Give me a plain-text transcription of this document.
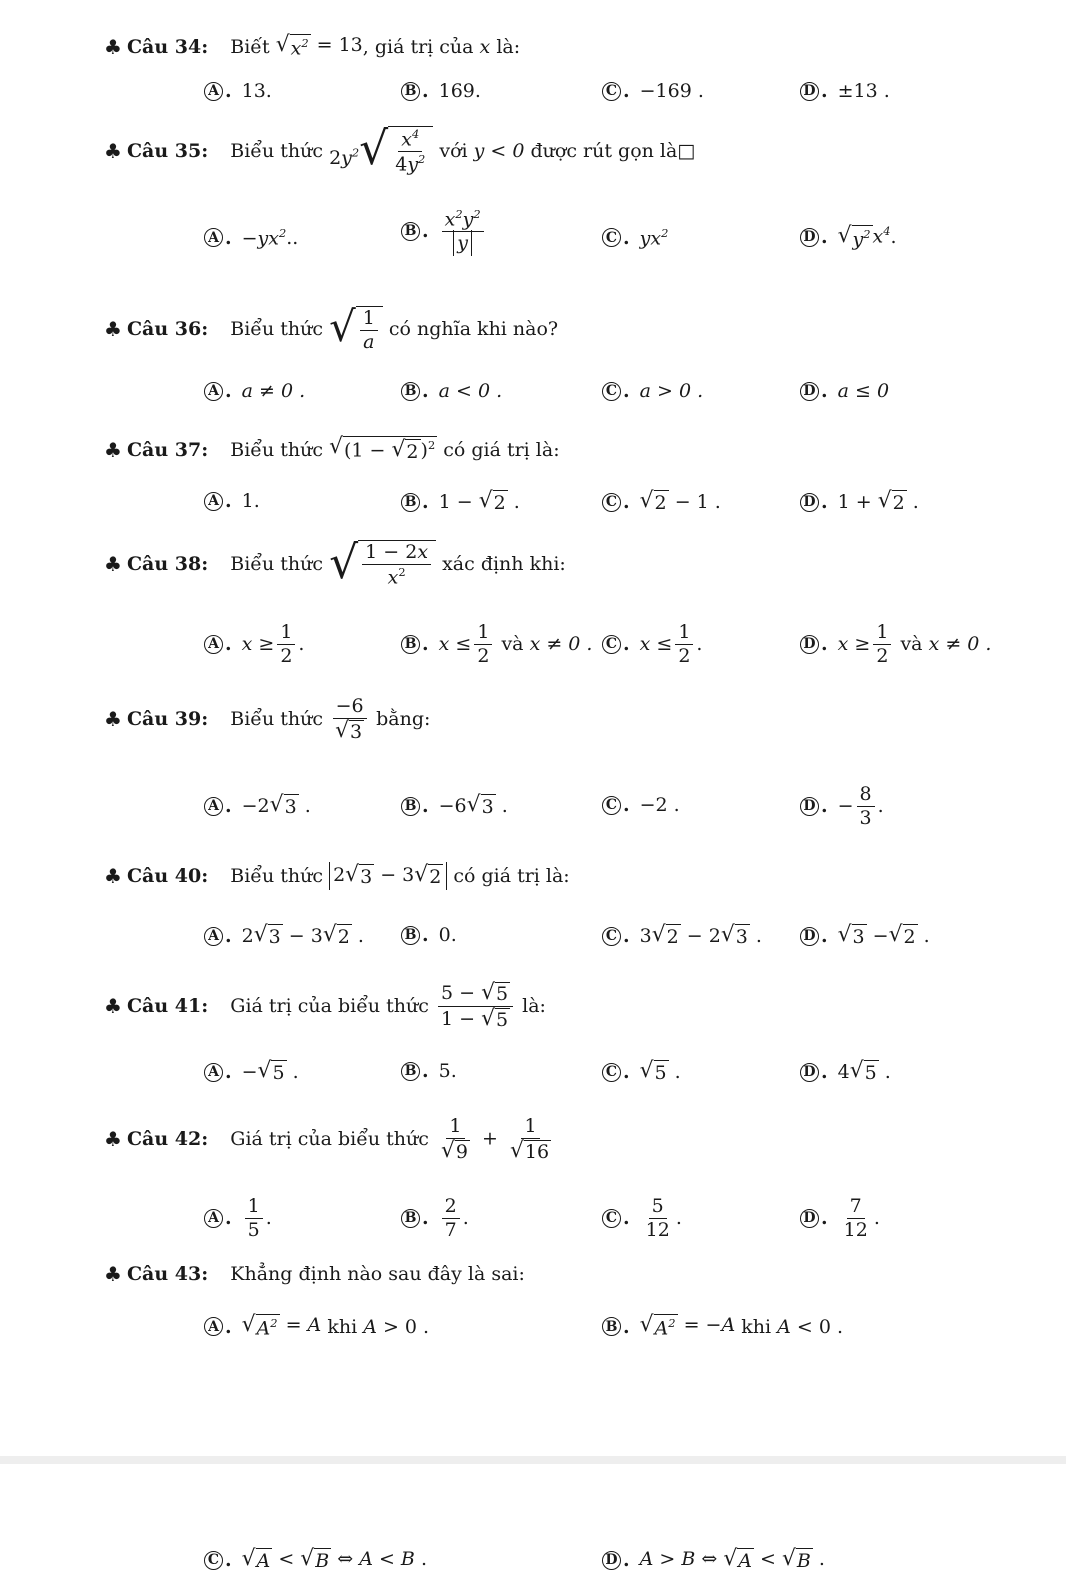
♣ Câu 34: Biết
√ $x^2 = 13$ , giá trị của
x
là:
A . 13.	B . 169.	C . −169 .	D . ±13 .
♣ Câu 35: Biểu thức
$2y^2$ √ $\frac{x^4}{4y^2}$
với
y < 0
được rút gọn là□
A . $-yx^2$ ..	B . $\frac{x^2y^2}{y}$	C . $yx^2$	D . √ $y^2$ $x^4$ .
♣ Câu 36: Biểu thức
√ $\frac{1}{a}$
có nghĩa khi nào?
A . a ≠ 0 .	B . a < 0 .	C . a > 0 .	D . a ≤ 0
♣ Câu 37: Biểu thức
√ (1 − √ 2 )$^2$
có giá trị là:
A . 1.	B . 1 −
√ 2 .	C . √ 2
− 1 .	D . 1 +
√ 2 .
♣ Câu 38: Biểu thức
√ $\frac{1 - 2x}{x^2}$
xác định khi:
A . $x \ge \frac{1}{2}$ .	B . $x \le \frac{1}{2}$
và
x ≠ 0 . C . $x \le \frac{1}{2}$ .	D . $x \ge \frac{1}{2}$
và
x ≠ 0 .
♣ Câu 39: Biểu thức
$\frac{-6}{√ 3}$
bằng:
A . −2 √ 3 .	B . −6 √ 3 .	C . −2 .	D . − $\frac{8}{3}$ .
♣ Câu 40: Biểu thức
2 √ 3 − 3 √ 2
có giá trị là:
A . 2 √ 3 − 3 √ 2 .	B . 0.	C . 3 √ 2 − 2 √ 3 .	D . √ 3 − √ 2 .
♣ Câu 41: Giá trị của biểu thức
$\frac{5 - √ 5}{1 - √ 5}$
là:
A . − √ 5 .	B . 5.	C . √ 5 .	D . 4 √ 5 .
♣ Câu 42: Giá trị của biểu thức
$\frac{1}{√ 9} + \frac{1}{√ 16}$
A . $\frac{1}{5}$ .	B . $\frac{2}{7}$ .	C . $\frac{5}{12}$ .	D . $\frac{7}{12}$ .
♣ Câu 43: Khẳng định nào sau đây là sai:
A . √ $A^2 = A$
khi
A > 0 .	B . √ $A^2 = -A$
khi
A < 0 .
C . √ A < √ B ⇔ A < B .	D . A > B ⇔ √ A < √ B .
